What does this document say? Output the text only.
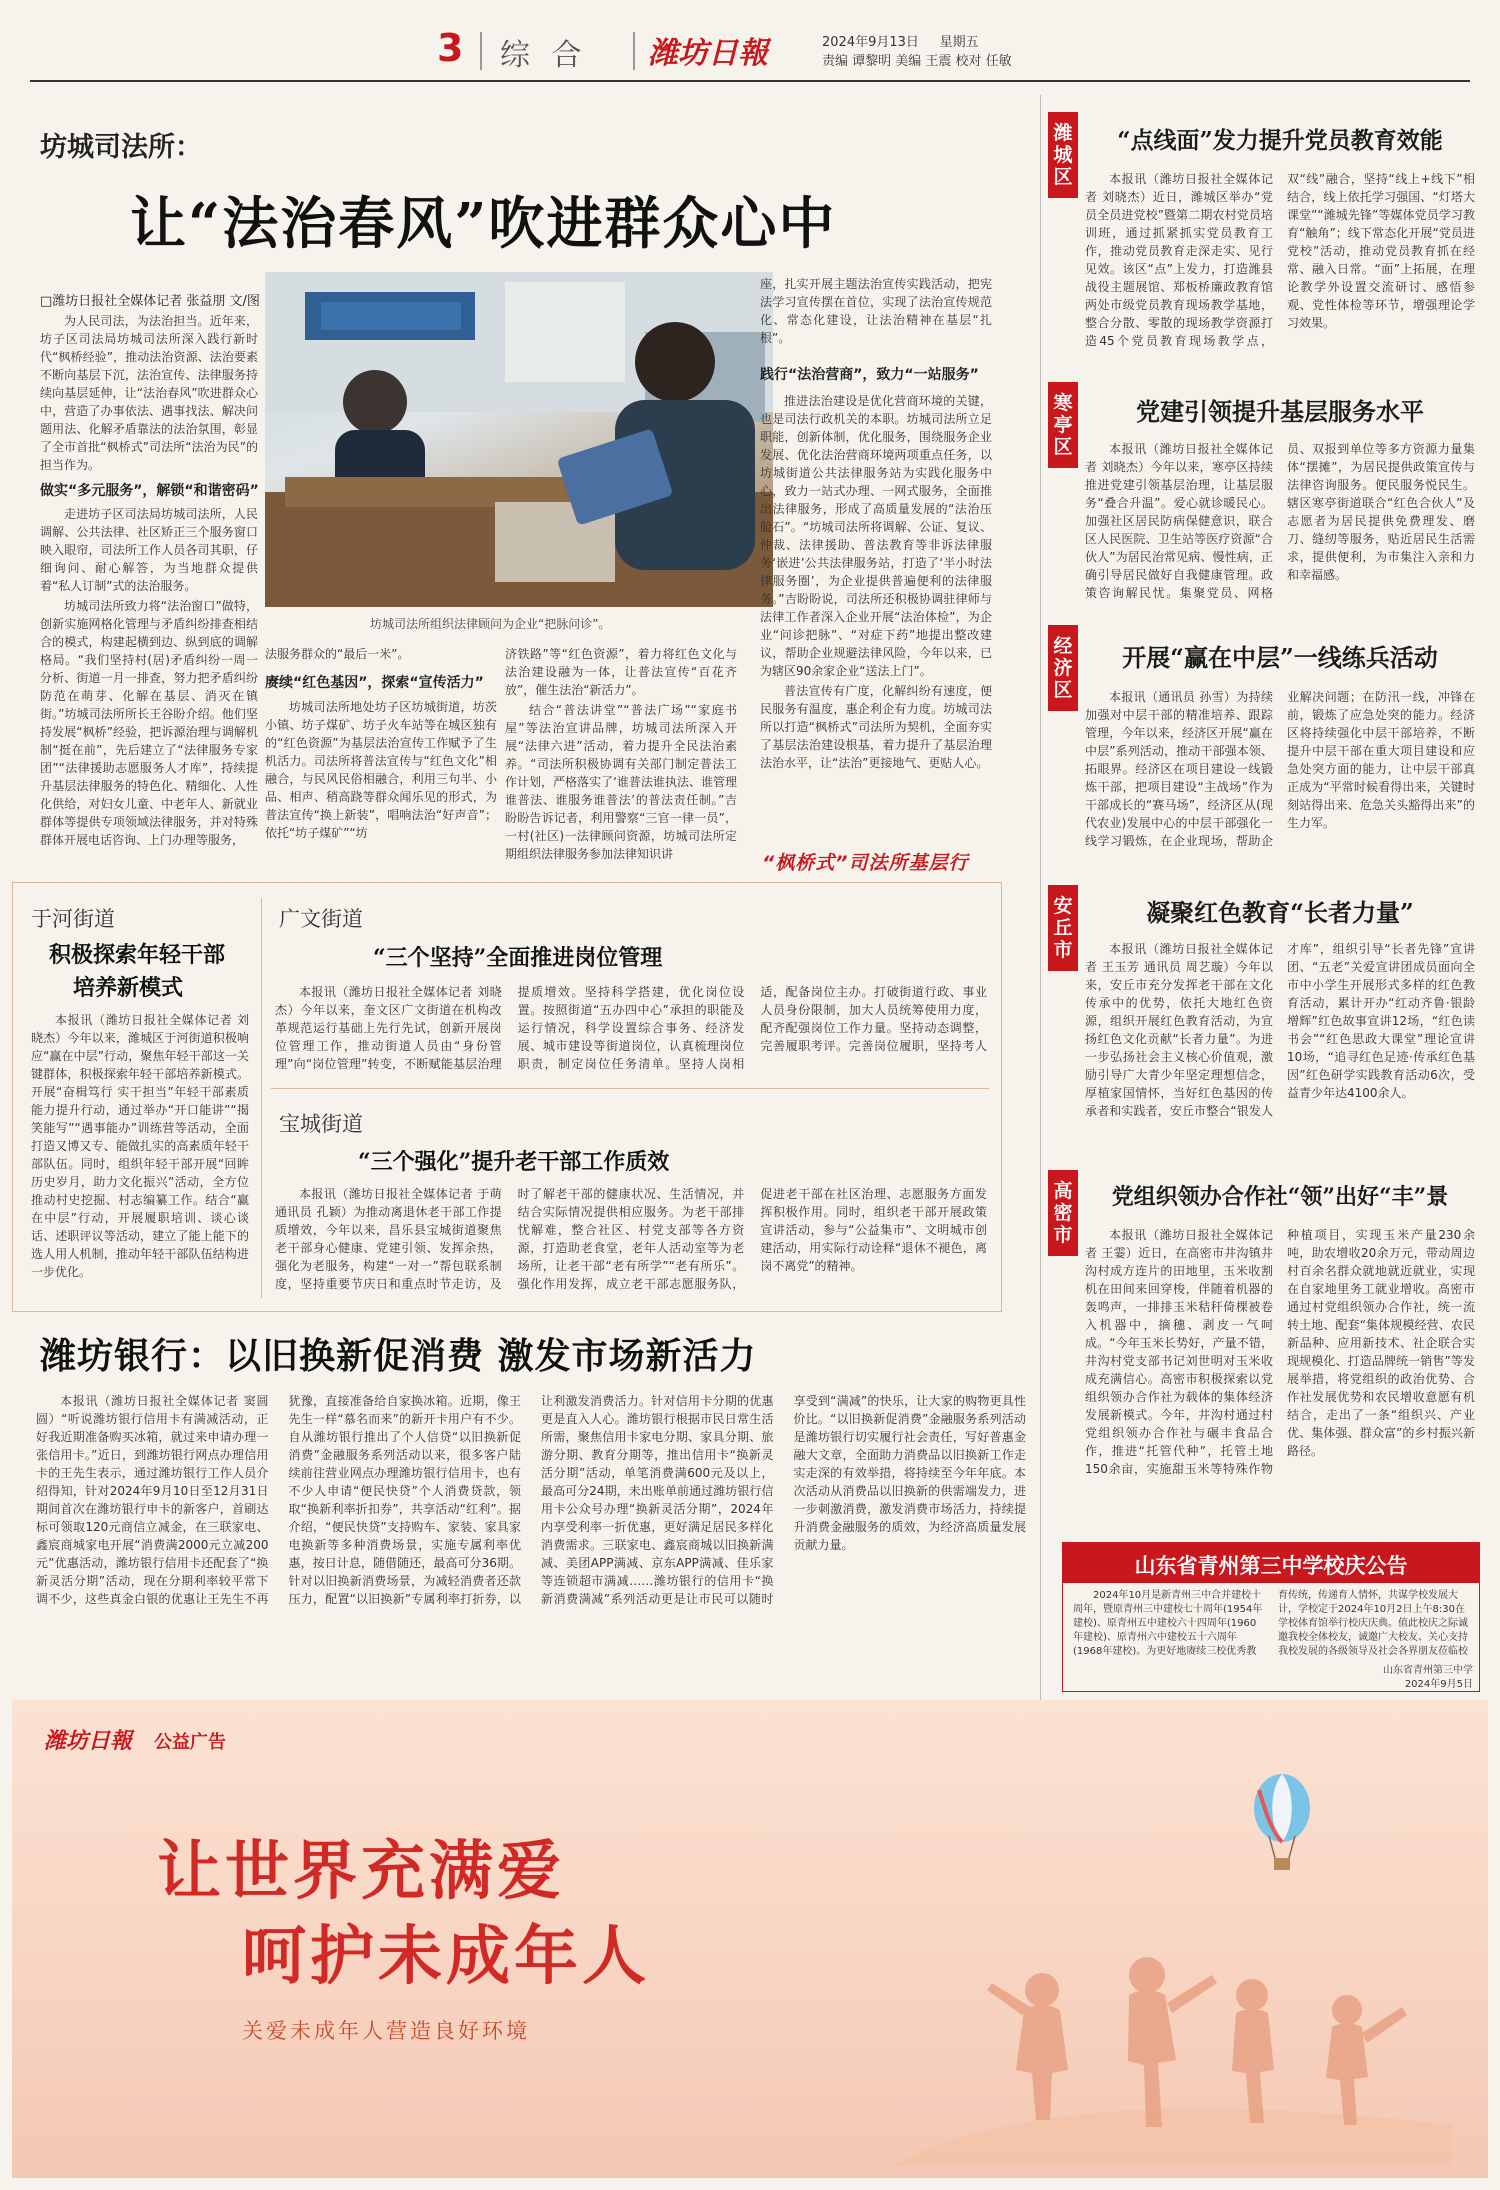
3 综 合 潍坊日報	2024年9月13日 星期五
责编 谭黎明 美编 王震 校对 任敏
坊城司法所：
让“法治春风”吹进群众心中
□潍坊日报社全媒体记者 张益朋 文/图
坊城司法所组织法律顾问为企业“把脉问诊”。

为人民司法，为法治担当。近年来，坊子区司法局坊城司法所深入践行新时代“枫桥经验”，推动法治资源、法治要素不断向基层下沉，法治宣传、法律服务持续向基层延伸，让“法治春风”吹进群众心中，营造了办事依法、遇事找法、解决问题用法、化解矛盾靠法的法治氛围，彰显了全市首批“枫桥式”司法所“法治为民”的担当作为。

做实“多元服务”，解锁“和谐密码”

走进坊子区司法局坊城司法所，人民调解、公共法律、社区矫正三个服务窗口映入眼帘，司法所工作人员各司其职，仔细询问、耐心解答，为当地群众提供着“私人订制”式的法治服务。

坊城司法所致力将“法治窗口”做特，创新实施网格化管理与矛盾纠纷排查相结合的模式，构建起横到边、纵到底的调解格局。“我们坚持村(居)矛盾纠纷一周一分析、街道一月一排查，努力把矛盾纠纷防范在萌芽、化解在基层、消灭在镇街。”坊城司法所所长王谷盼介绍。他们坚持发展“枫桥”经验，把诉源治理与调解机制“挺在前”，先后建立了“法律服务专家团”“法律援助志愿服务人才库”，持续提升基层法律服务的特色化、精细化、人性化供给，对妇女儿童、中老年人、新就业群体等提供专项领域法律服务，并对特殊群体开展电话咨询、上门办理等服务，

法服务群众的“最后一米”。

赓续“红色基因”，探索“宣传活力”

坊城司法所地处坊子区坊城街道，坊茨小镇、坊子煤矿、坊子火车站等在城区独有的“红色资源”为基层法治宣传工作赋予了生机活力。司法所将普法宣传与“红色文化”相融合，与民风民俗相融合，利用三句半、小品、相声、稍高跷等群众闻乐见的形式，为普法宣传“换上新装”，唱响法治“好声音”；依托“坊子煤矿”“坊

济铁路”等“红色资源”，着力将红色文化与法治建设融为一体，让普法宣传“百花齐放”，催生法治“新活力”。

结合“普法讲堂”“普法广场”“家庭书屋”等法治宣讲品牌，坊城司法所深入开展“法律六进”活动，着力提升全民法治素养。“司法所积极协调有关部门制定普法工作计划，严格落实了‘谁普法谁执法、谁管理谁普法、谁服务谁普法’的普法责任制。”吉盼盼告诉记者，利用警察“三官一律一员”，一村(社区)一法律顾问资源，坊城司法所定期组织法律服务参加法律知识讲

座，扎实开展主题法治宣传实践活动，把宪法学习宣传摆在首位，实现了法治宣传规范化、常态化建设，让法治精神在基层“扎根”。

践行“法治营商”，致力“一站服务”

推进法治建设是优化营商环境的关键，也是司法行政机关的本职。坊城司法所立足职能，创新体制，优化服务，围绕服务企业发展、优化法治营商环境两项重点任务，以坊城街道公共法律服务站为实践化服务中心，致力一站式办理、一网式服务，全面推出法律服务，形成了高质量发展的“法治压舱石”。“坊城司法所将调解、公证、复议、仲裁、法律援助、普法教育等非诉法律服务‘嵌进’公共法律服务站，打造了‘半小时法律服务圈’，为企业提供普遍便利的法律服务。”吉盼盼说，司法所还积极协调驻律师与法律工作者深入企业开展“法治体检”，为企业“问诊把脉”、“对症下药”地提出整改建议，帮助企业规避法律风险，今年以来，已为辖区90余家企业“送法上门”。

普法宣传有广度，化解纠纷有速度，便民服务有温度，惠企利企有力度。坊城司法所以打造“枫桥式”司法所为契机，全面夯实了基层法治建设根基，着力提升了基层治理法治水平，让“法治”更接地气、更贴人心。

“枫桥式”司法所基层行
于河街道
积极探索年轻干部
培养新模式
本报讯（潍坊日报社全媒体记者 刘晓杰）今年以来，潍城区于河街道积极响应“赢在中层”行动，聚焦年轻干部这一关键群体，积极探索年轻干部培养新模式。开展“奋楫笃行 实干担当”年轻干部素质能力提升行动，通过举办“开口能讲”“揭笑能写”“遇事能办”训练营等活动，全面打造又博又专、能做扎实的高素质年轻干部队伍。同时，组织年轻干部开展“回眸历史岁月，助力文化振兴”活动，全方位推动村史挖掘、村志编纂工作。结合“赢在中层”行动，开展履职培训、谈心谈话、述职评议等活动，建立了能上能下的选人用人机制，推动年轻干部队伍结构进一步优化。
广文街道
“三个坚持”全面推进岗位管理
本报讯（潍坊日报社全媒体记者 刘晓杰）今年以来，奎文区广文街道在机构改革规范运行基础上先行先试，创新开展岗位管理工作，推动街道人员由“身份管理”向“岗位管理”转变，不断赋能基层治理提质增效。坚持科学搭建，优化岗位设置。按照街道“五办四中心”承担的职能及运行情况，科学设置综合事务、经济发展、城市建设等街道岗位，认真梳理岗位职责，制定岗位任务清单。坚持人岗相适，配备岗位主办。打破街道行政、事业人员身份限制，加大人员统筹使用力度，配齐配强岗位工作力量。坚持动态调整，完善履职考评。完善岗位履职，坚持考人
宝城街道
“三个强化”提升老干部工作质效
本报讯（潍坊日报社全媒体记者 于萌 通讯员 孔颖）为推动离退休老干部工作提质增效，今年以来，昌乐县宝城街道聚焦老干部身心健康、党建引领、发挥余热，强化为老服务，构建“一对一”帮包联系制度，坚持重要节庆日和重点时节走访，及时了解老干部的健康状况、生活情况，并结合实际情况提供相应服务。为老干部排忧解难，整合社区、村党支部等各方资源，打造助老食堂，老年人活动室等为老场所，让老干部“老有所学”“老有所乐”。强化作用发挥，成立老干部志愿服务队，促进老干部在社区治理、志愿服务方面发挥积极作用。同时，组织老干部开展政策宣讲活动，参与“公益集市”、文明城市创建活动，用实际行动诠释“退休不褪色，离岗不离党”的精神。
潍坊银行：以旧换新促消费 激发市场新活力
本报讯（潍坊日报社全媒体记者 窦圆圆）“听说潍坊银行信用卡有满减活动，正好我近期准备购买冰箱，就过来申请办理一张信用卡。”近日，到潍坊银行网点办理信用卡的王先生表示，通过潍坊银行工作人员介绍得知，针对2024年9月10日至12月31日期间首次在潍坊银行申卡的新客户，首刷达标可领取120元商信立减金，在三联家电、鑫宸商城家电开展“消费满2000元立减200元”优惠活动，潍坊银行信用卡还配套了“换新灵活分期”活动，现在分期利率较平常下调不少，这些真金白银的优惠让王先生不再犹豫，直接准备给自家换冰箱。近期，像王先生一样“慕名而来”的新开卡用户有不少。自从潍坊银行推出了个人信贷“以旧换新促消费”金融服务系列活动以来，很多客户陆续前往营业网点办理潍坊银行信用卡，也有不少人申请“便民快贷”个人消费贷款，领取“换新利率折扣券”，共享活动“红利”。据介绍，“便民快贷”支持购车、家装、家具家电换新等多种消费场景，实施专属利率优惠，按日计息，随借随还，最高可分36期。针对以旧换新消费场景，为减轻消费者还款压力，配置“以旧换新”专属利率打折券，以让利激发消费活力。针对信用卡分期的优惠更是直入人心。潍坊银行根据市民日常生活所需，聚焦信用卡家电分期、家具分期、旅游分期、教育分期等，推出信用卡“换新灵活分期”活动，单笔消费满600元及以上，最高可分24期，未出账单前通过潍坊银行信用卡公众号办理“换新灵活分期”，2024年内享受利率一折优惠，更好满足居民多样化消费需求。三联家电、鑫宸商城以旧换新满减、美团APP满减、京东APP满减、佳乐家等连锁超市满减……潍坊银行的信用卡“换新消费满减”系列活动更是让市民可以随时享受到“满减”的快乐，让大家的购物更具性价比。“以旧换新促消费”金融服务系列活动是潍坊银行切实履行社会责任，写好普惠金融大文章，全面助力消费品以旧换新工作走实走深的有效举措，将持续至今年年底。本次活动从消费品以旧换新的供需端发力，进一步刺激消费，激发消费市场活力，持续提升消费金融服务的质效，为经济高质量发展贡献力量。
潍城区
“点线面”发力提升党员教育效能
本报讯（潍坊日报社全媒体记者 刘晓杰）近日，潍城区举办“党员全员进党校”暨第二期农村党员培训班，通过抓紧抓实党员教育工作，推动党员教育走深走实、见行见效。该区“点”上发力，打造潍县战役主题展馆、郑板桥廉政教育馆两处市级党员教育现场教学基地，整合分散、零散的现场教学资源打造45个党员教育现场教学点，双“线”融合，坚持“线上+线下”相结合，线上依托学习强国、“灯塔大课堂”“潍城先锋”等媒体党员学习教育“触角”；线下常态化开展“党员进党校”活动，推动党员教育抓在经常、融入日常。“面”上拓展，在理论教学外设置交流研讨、感悟参观、党性体检等环节，增强理论学习效果。
寒亭区
党建引领提升基层服务水平
本报讯（潍坊日报社全媒体记者 刘晓杰）今年以来，寒亭区持续推进党建引领基层治理，让基层服务“叠合升温”。爱心就诊暖民心。加强社区居民防病保健意识，联合区人民医院、卫生站等医疗资源“合伙人”为居民治常见病、慢性病，正确引导居民做好自我健康管理。政策咨询解民忧。集聚党员、网格员、双报到单位等多方资源力量集体“摆摊”，为居民提供政策宣传与法律咨询服务。便民服务悦民生。辖区寒亭街道联合“红色合伙人”及志愿者为居民提供免费理发、磨刀、缝纫等服务，贴近居民生活需求，提供便利，为市集注入亲和力和幸福感。
经济区
开展“赢在中层”一线练兵活动
本报讯（通讯员 孙雪）为持续加强对中层干部的精准培养、跟踪管理，今年以来，经济区开展“赢在中层”系列活动，推动干部强本领、拓眼界。经济区在项目建设一线锻炼干部，把项目建设“主战场”作为干部成长的“赛马场”，经济区从(现代农业)发展中心的中层干部强化一线学习锻炼，在企业现场，帮助企业解决问题；在防汛一线，冲锋在前，锻炼了应急处突的能力。经济区将持续强化中层干部培养，不断提升中层干部在重大项目建设和应急处突方面的能力，让中层干部真正成为“平常时候看得出来，关键时刻站得出来、危急关头豁得出来”的生力军。
安丘市
凝聚红色教育“长者力量”
本报讯（潍坊日报社全媒体记者 王玉芳 通讯员 周艺璇）今年以来，安丘市充分发挥老干部在文化传承中的优势，依托大地红色资源，组织开展红色教育活动，为宣扬红色文化贡献“长者力量”。为进一步弘扬社会主义核心价值观，激励引导广大青少年坚定理想信念，厚植家国情怀，当好红色基因的传承者和实践者，安丘市整合“银发人才库”，组织引导“长者先锋”宣讲团、“五老”关爱宣讲团成员面向全市中小学生开展形式多样的红色教育活动，累计开办“红动齐鲁·银龄增辉”红色故事宣讲12场，“红色读书会”“红色思政大课堂”理论宣讲10场，“追寻红色足迹·传承红色基因”红色研学实践教育活动6次，受益青少年达4100余人。
高密市
党组织领办合作社“领”出好“丰”景
本报讯（潍坊日报社全媒体记者 王霎）近日，在高密市井沟镇井沟村成方连片的田地里，玉米收割机在田间来回穿梭，伴随着机器的轰鸣声，一排排玉米秸秆倚棵被卷入机器中，摘穗、剥皮一气呵成。“今年玉米长势好，产量不错，井沟村党支部书记刘世明对玉米收成充满信心。高密市积极探索以党组织领办合作社为载体的集体经济发展新模式。今年，井沟村通过村党组织领办合作社与碾丰食品合作，推进“托管代种”，托管土地150余亩，实施甜玉米等特殊作物种植项目，实现玉米产量230余吨，助农增收20余万元，带动周边村百余名群众就地就近就业，实现在自家地里务工就业增收。高密市通过村党组织领办合作社，统一流转土地、配套“集体规模经营、农民新品种、应用新技术、社企联合实现规模化、打造品牌统一销售”等发展举措，将党组织的政治优势、合作社发展优势和农民增收意愿有机结合，走出了一条“组织兴、产业优、集体强、群众富”的乡村振兴新路径。
山东省青州第三中学校庆公告
2024年10月是新青州三中合并建校十周年，暨原青州三中建校七十周年(1954年建校)、原青州五中建校六十四周年(1960年建校)、原青州六中建校五十六周年(1968年建校)。为更好地赓续三校优秀教育传统，传递育人情怀，共谋学校发展大计，学校定于2024年10月2日上午8:30在学校体育馆举行校庆庆典。值此校庆之际诚邀我校全体校友，诚邀广大校友、关心支持我校发展的各级领导及社会各界朋友莅临校
山东省青州第三中学
2024年9月5日
潍坊日報 公益广告
让世界充满爱
呵护未成年人
关爱未成年人营造良好环境
